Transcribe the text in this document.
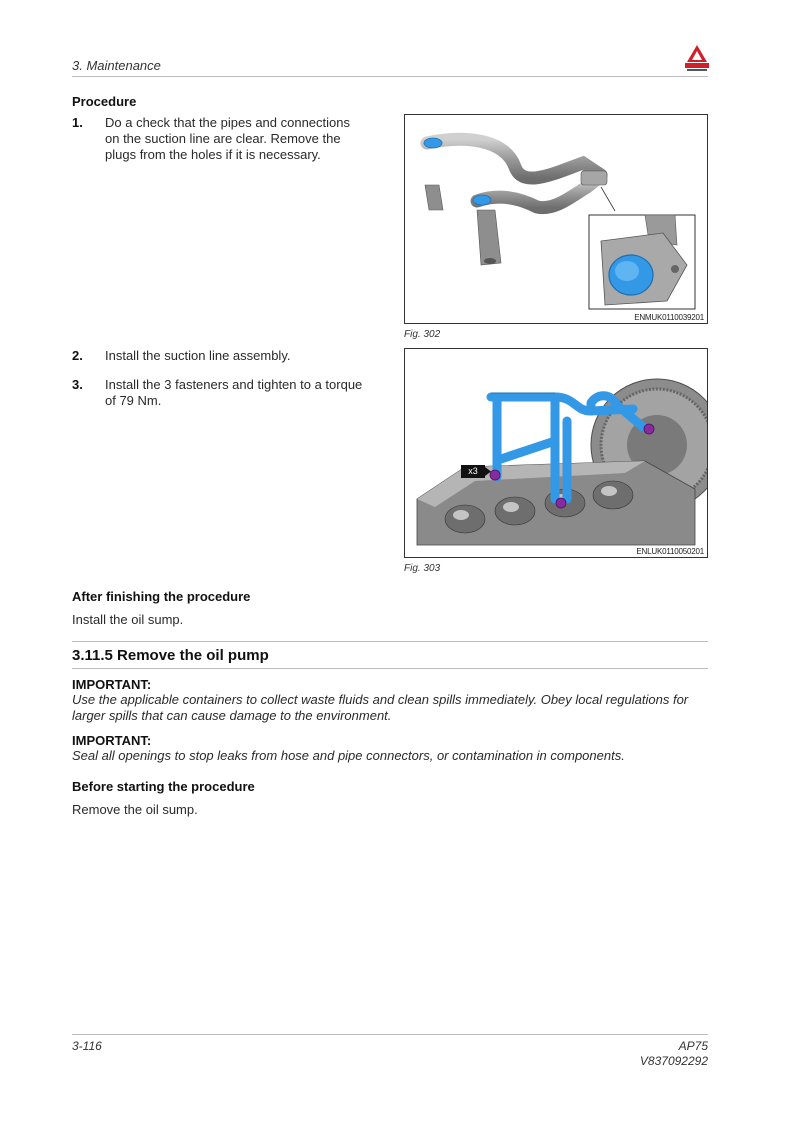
3. Maintenance
Procedure
1. Do a check that the pipes and connections
on the suction line are clear. Remove the
plugs from the holes if it is necessary.
ENMUK0110039201
Fig. 302
2. Install the suction line assembly.
3. Install the 3 fasteners and tighten to a torque
of 79 Nm.
x3
ENLUK0110050201
Fig. 303
After finishing the procedure
Install the oil sump.
3.11.5 Remove the oil pump
IMPORTANT:
Use the applicable containers to collect waste fluids and clean spills immediately. Obey local regulations for
larger spills that can cause damage to the environment.
IMPORTANT:
Seal all openings to stop leaks from hose and pipe connectors, or contamination in components.
Before starting the procedure
Remove the oil sump.
3-116	AP75
V837092292
